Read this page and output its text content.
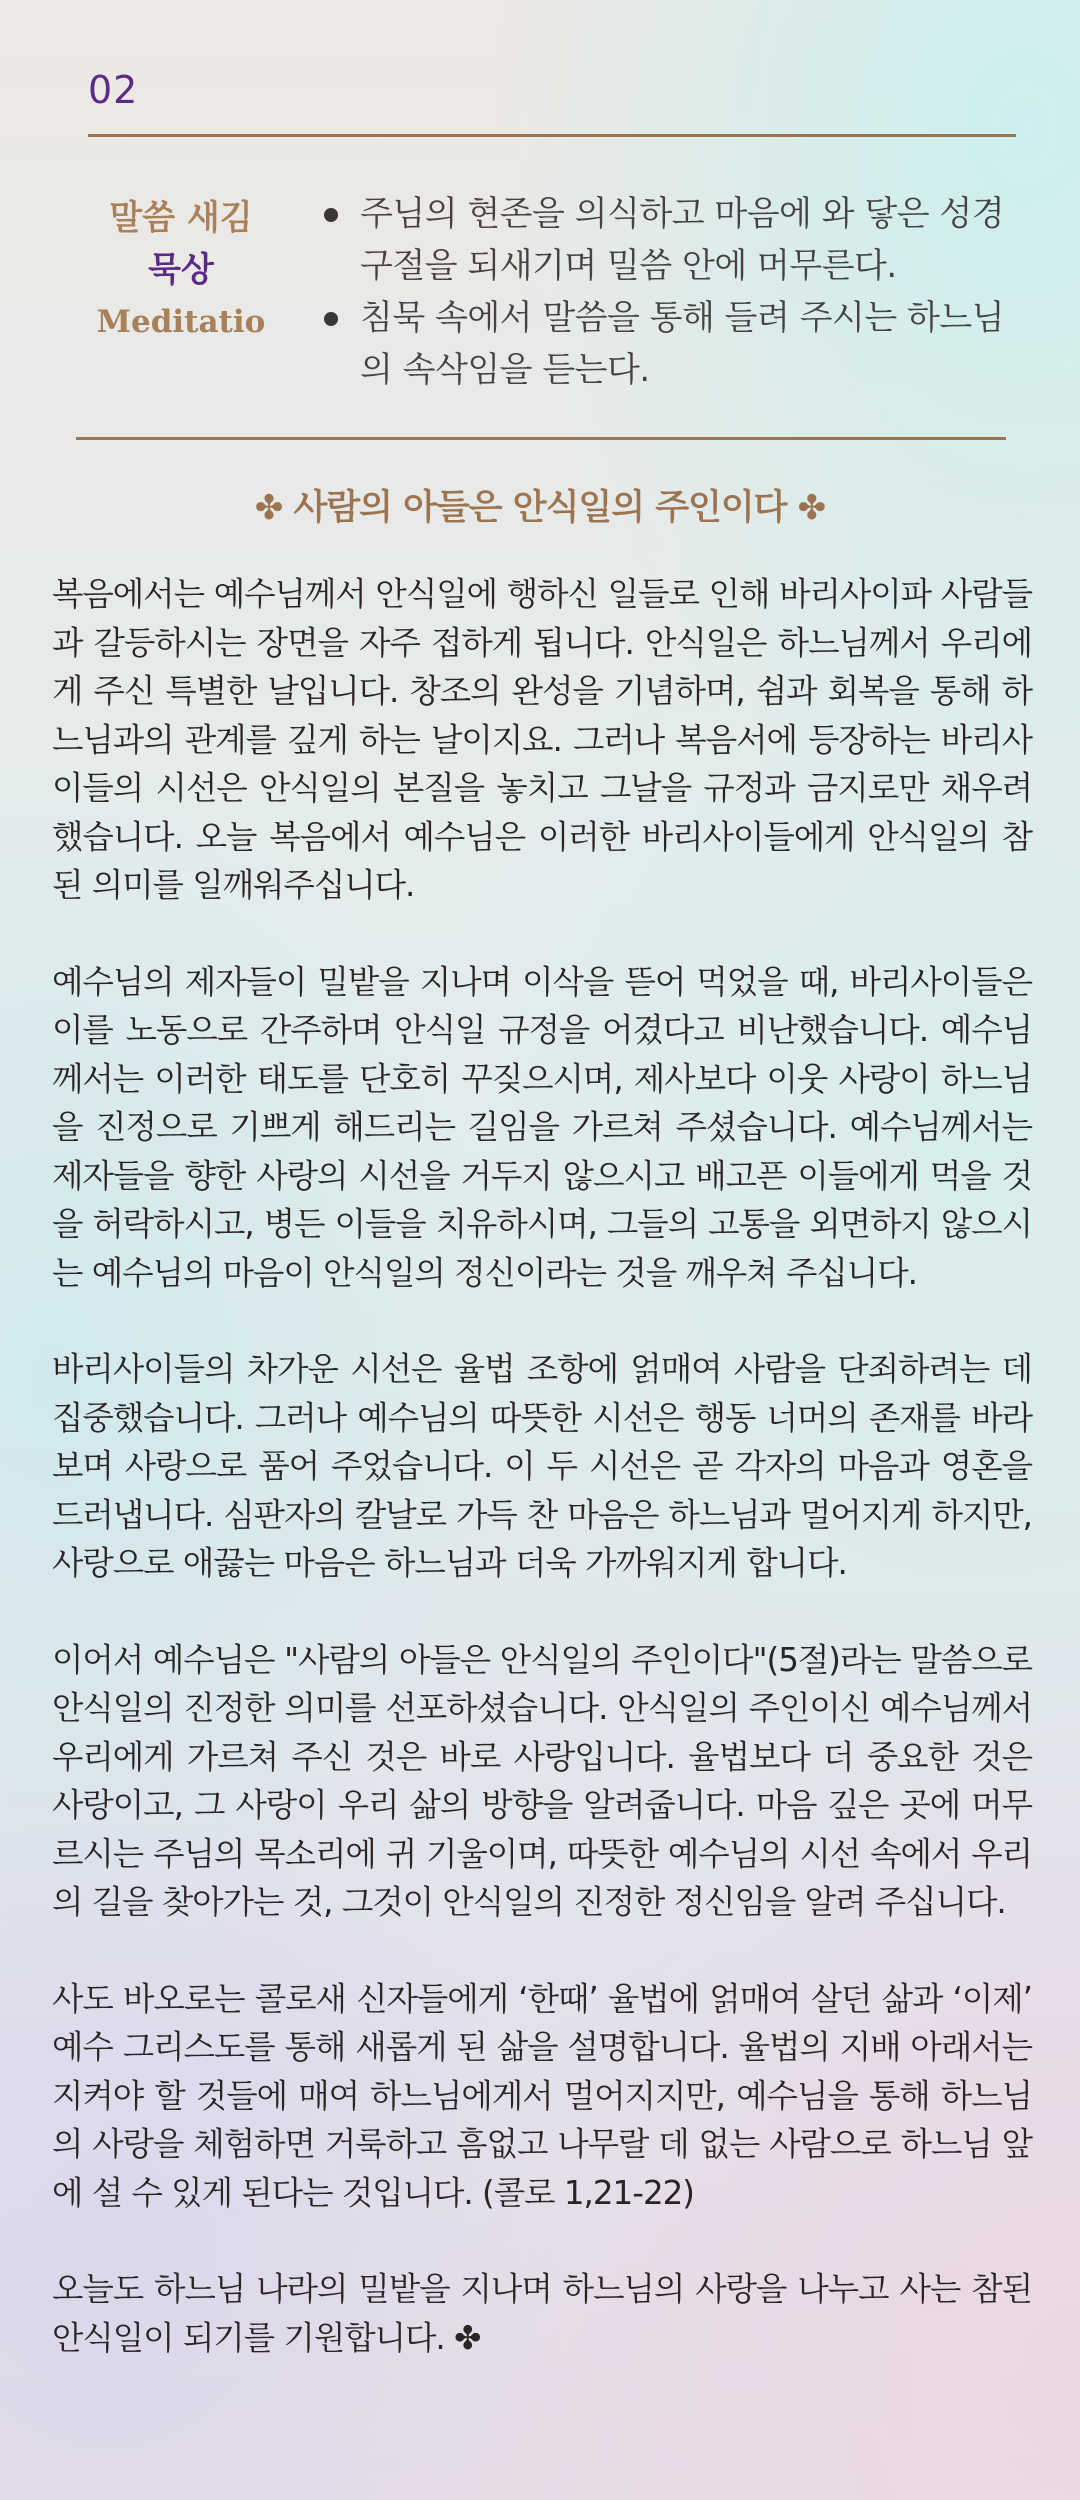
02
말씀 새김
묵상
Meditatio
주님의 현존을 의식하고 마음에 와 닿은 성경구절을 되새기며 밀씀 안에 머무른다.
침묵 속에서 말씀을 통해 들려 주시는 하느님의 속삭임을 듣는다.
✤ 사람의 아들은 안식일의 주인이다 ✤

복음에서는 예수님께서 안식일에 행하신 일들로 인해 바리사이파 사람들과 갈등하시는 장면을 자주 접하게 됩니다. 안식일은 하느님께서 우리에게 주신 특별한 날입니다. 창조의 완성을 기념하며, 쉼과 회복을 통해 하느님과의 관계를 깊게 하는 날이지요. 그러나 복음서에 등장하는 바리사이들의 시선은 안식일의 본질을 놓치고 그날을 규정과 금지로만 채우려 했습니다. 오늘 복음에서 예수님은 이러한 바리사이들에게 안식일의 참된 의미를 일깨워주십니다.

예수님의 제자들이 밀밭을 지나며 이삭을 뜯어 먹었을 때, 바리사이들은 이를 노동으로 간주하며 안식일 규정을 어겼다고 비난했습니다. 예수님께서는 이러한 태도를 단호히 꾸짖으시며, 제사보다 이웃 사랑이 하느님을 진정으로 기쁘게 해드리는 길임을 가르쳐 주셨습니다. 예수님께서는 제자들을 향한 사랑의 시선을 거두지 않으시고 배고픈 이들에게 먹을 것을 허락하시고, 병든 이들을 치유하시며, 그들의 고통을 외면하지 않으시는 예수님의 마음이 안식일의 정신이라는 것을 깨우쳐 주십니다.

바리사이들의 차가운 시선은 율법 조항에 얽매여 사람을 단죄하려는 데 집중했습니다. 그러나 예수님의 따뜻한 시선은 행동 너머의 존재를 바라보며 사랑으로 품어 주었습니다. 이 두 시선은 곧 각자의 마음과 영혼을 드러냅니다. 심판자의 칼날로 가득 찬 마음은 하느님과 멀어지게 하지만, 사랑으로 애끓는 마음은 하느님과 더욱 가까워지게 합니다.

이어서 예수님은 "사람의 아들은 안식일의 주인이다"(5절)라는 말씀으로 안식일의 진정한 의미를 선포하셨습니다. 안식일의 주인이신 예수님께서 우리에게 가르쳐 주신 것은 바로 사랑입니다. 율법보다 더 중요한 것은 사랑이고, 그 사랑이 우리 삶의 방향을 알려줍니다. 마음 깊은 곳에 머무르시는 주님의 목소리에 귀 기울이며, 따뜻한 예수님의 시선 속에서 우리의 길을 찾아가는 것, 그것이 안식일의 진정한 정신임을 알려 주십니다.

사도 바오로는 콜로새 신자들에게 ‘한때’ 율법에 얽매여 살던 삶과 ‘이제’ 예수 그리스도를 통해 새롭게 된 삶을 설명합니다. 율법의 지배 아래서는 지켜야 할 것들에 매여 하느님에게서 멀어지지만, 예수님을 통해 하느님의 사랑을 체험하면 거룩하고 흠없고 나무랄 데 없는 사람으로 하느님 앞에 설 수 있게 된다는 것입니다. (콜로 1,21-22)

오늘도 하느님 나라의 밀밭을 지나며 하느님의 사랑을 나누고 사는 참된 안식일이 되기를 기원합니다. ✤
